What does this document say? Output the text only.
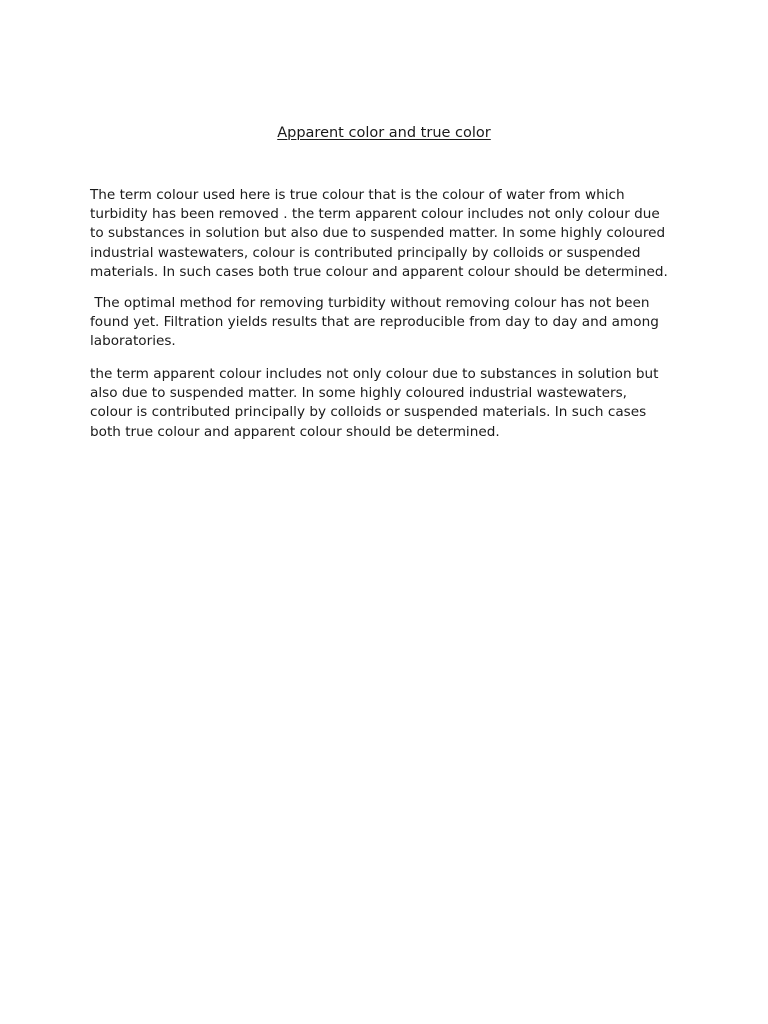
Apparent color and true color

The term colour used here is true colour that is the colour of water from which
turbidity has been removed . the term apparent colour includes not only colour due
to substances in solution but also due to suspended matter. In some highly coloured
industrial wastewaters, colour is contributed principally by colloids or suspended
materials. In such cases both true colour and apparent colour should be determined.

The optimal method for removing turbidity without removing colour has not been
found yet. Filtration yields results that are reproducible from day to day and among
laboratories.

the term apparent colour includes not only colour due to substances in solution but
also due to suspended matter. In some highly coloured industrial wastewaters,
colour is contributed principally by colloids or suspended materials. In such cases
both true colour and apparent colour should be determined.
